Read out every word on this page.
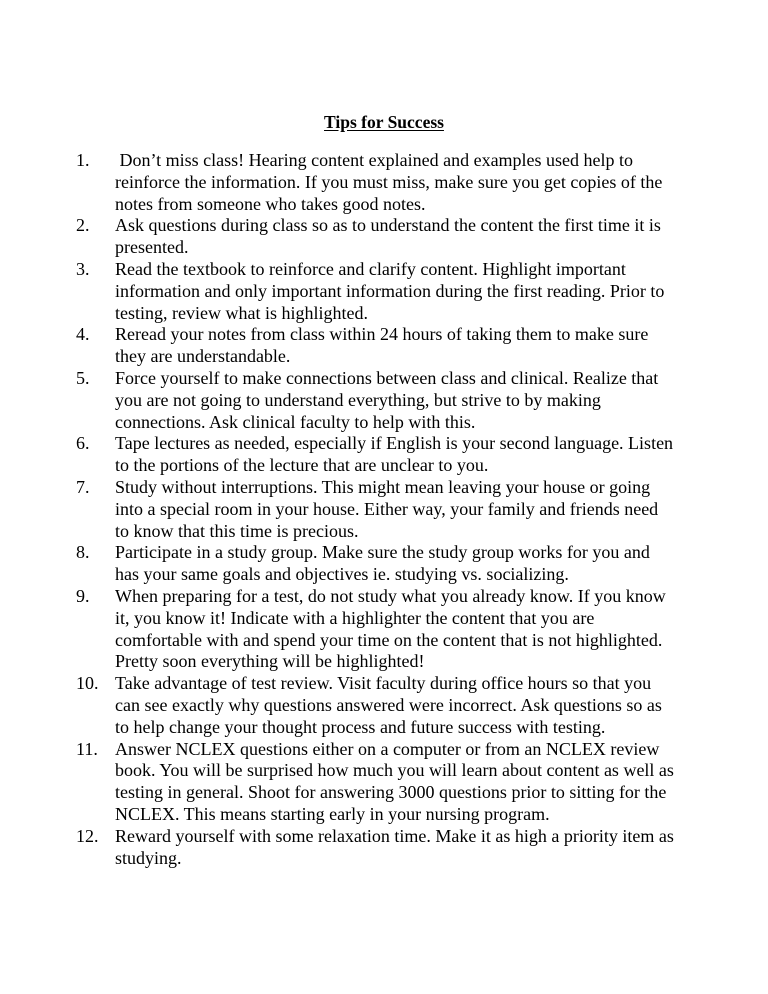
Tips for Success
1. Don’t miss class! Hearing content explained and examples used help to reinforce the information. If you must miss, make sure you get copies of the notes from someone who takes good notes.
2. Ask questions during class so as to understand the content the first time it is presented.
3. Read the textbook to reinforce and clarify content. Highlight important information and only important information during the first reading. Prior to testing, review what is highlighted.
4. Reread your notes from class within 24 hours of taking them to make sure they are understandable.
5. Force yourself to make connections between class and clinical. Realize that you are not going to understand everything, but strive to by making connections. Ask clinical faculty to help with this.
6. Tape lectures as needed, especially if English is your second language. Listen to the portions of the lecture that are unclear to you.
7. Study without interruptions. This might mean leaving your house or going into a special room in your house. Either way, your family and friends need to know that this time is precious.
8. Participate in a study group. Make sure the study group works for you and has your same goals and objectives ie. studying vs. socializing.
9. When preparing for a test, do not study what you already know. If you know it, you know it! Indicate with a highlighter the content that you are comfortable with and spend your time on the content that is not highlighted. Pretty soon everything will be highlighted!
10. Take advantage of test review. Visit faculty during office hours so that you can see exactly why questions answered were incorrect. Ask questions so as to help change your thought process and future success with testing.
11. Answer NCLEX questions either on a computer or from an NCLEX review book. You will be surprised how much you will learn about content as well as testing in general. Shoot for answering 3000 questions prior to sitting for the NCLEX. This means starting early in your nursing program.
12. Reward yourself with some relaxation time. Make it as high a priority item as studying.
